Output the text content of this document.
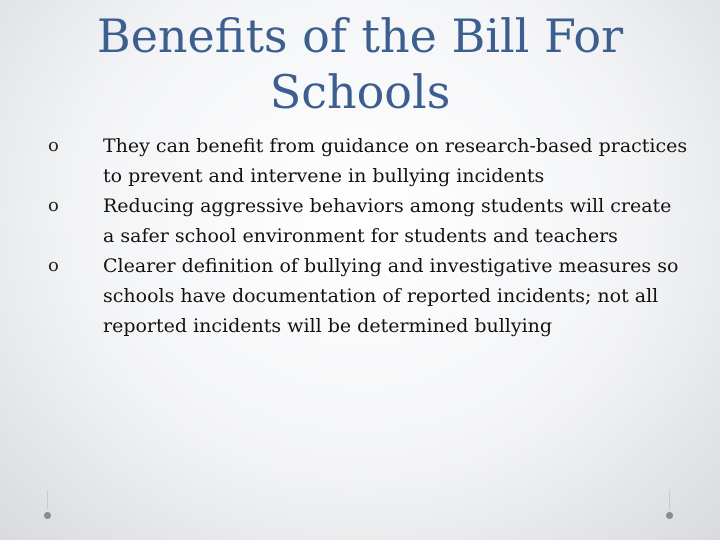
Benefits of the Bill For
Schools
o	They can benefit from guidance on research-based practices to prevent and intervene in bullying incidents
o	Reducing aggressive behaviors among students will create a safer school environment for students and teachers
o	Clearer definition of bullying and investigative measures so schools have documentation of reported incidents; not all reported incidents will be determined bullying
